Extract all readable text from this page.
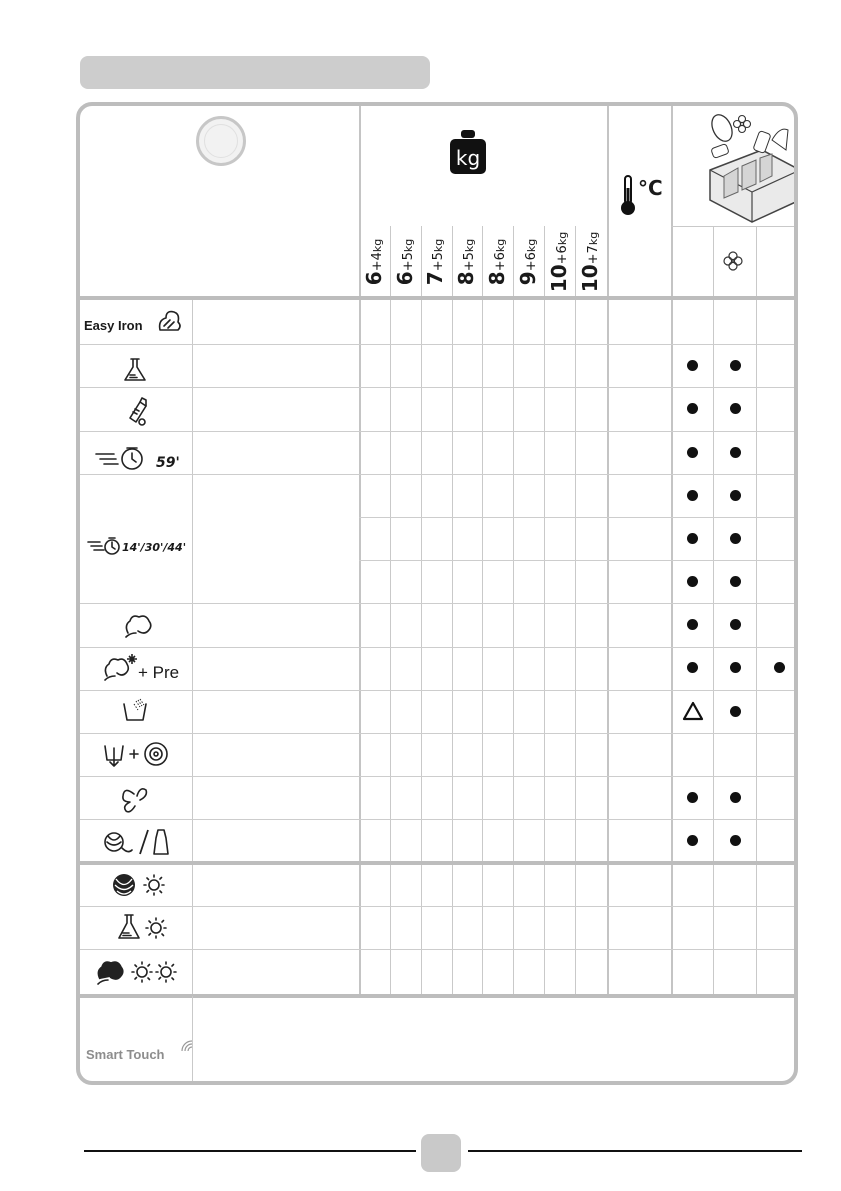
kg
°C
Smart Touch
6+4kg
6+5kg
7+5kg
8+5kg
8+6kg
9+6kg
10+6kg
10+7kg
Easy Iron
59'
14'/30'/44'
+ Pre
